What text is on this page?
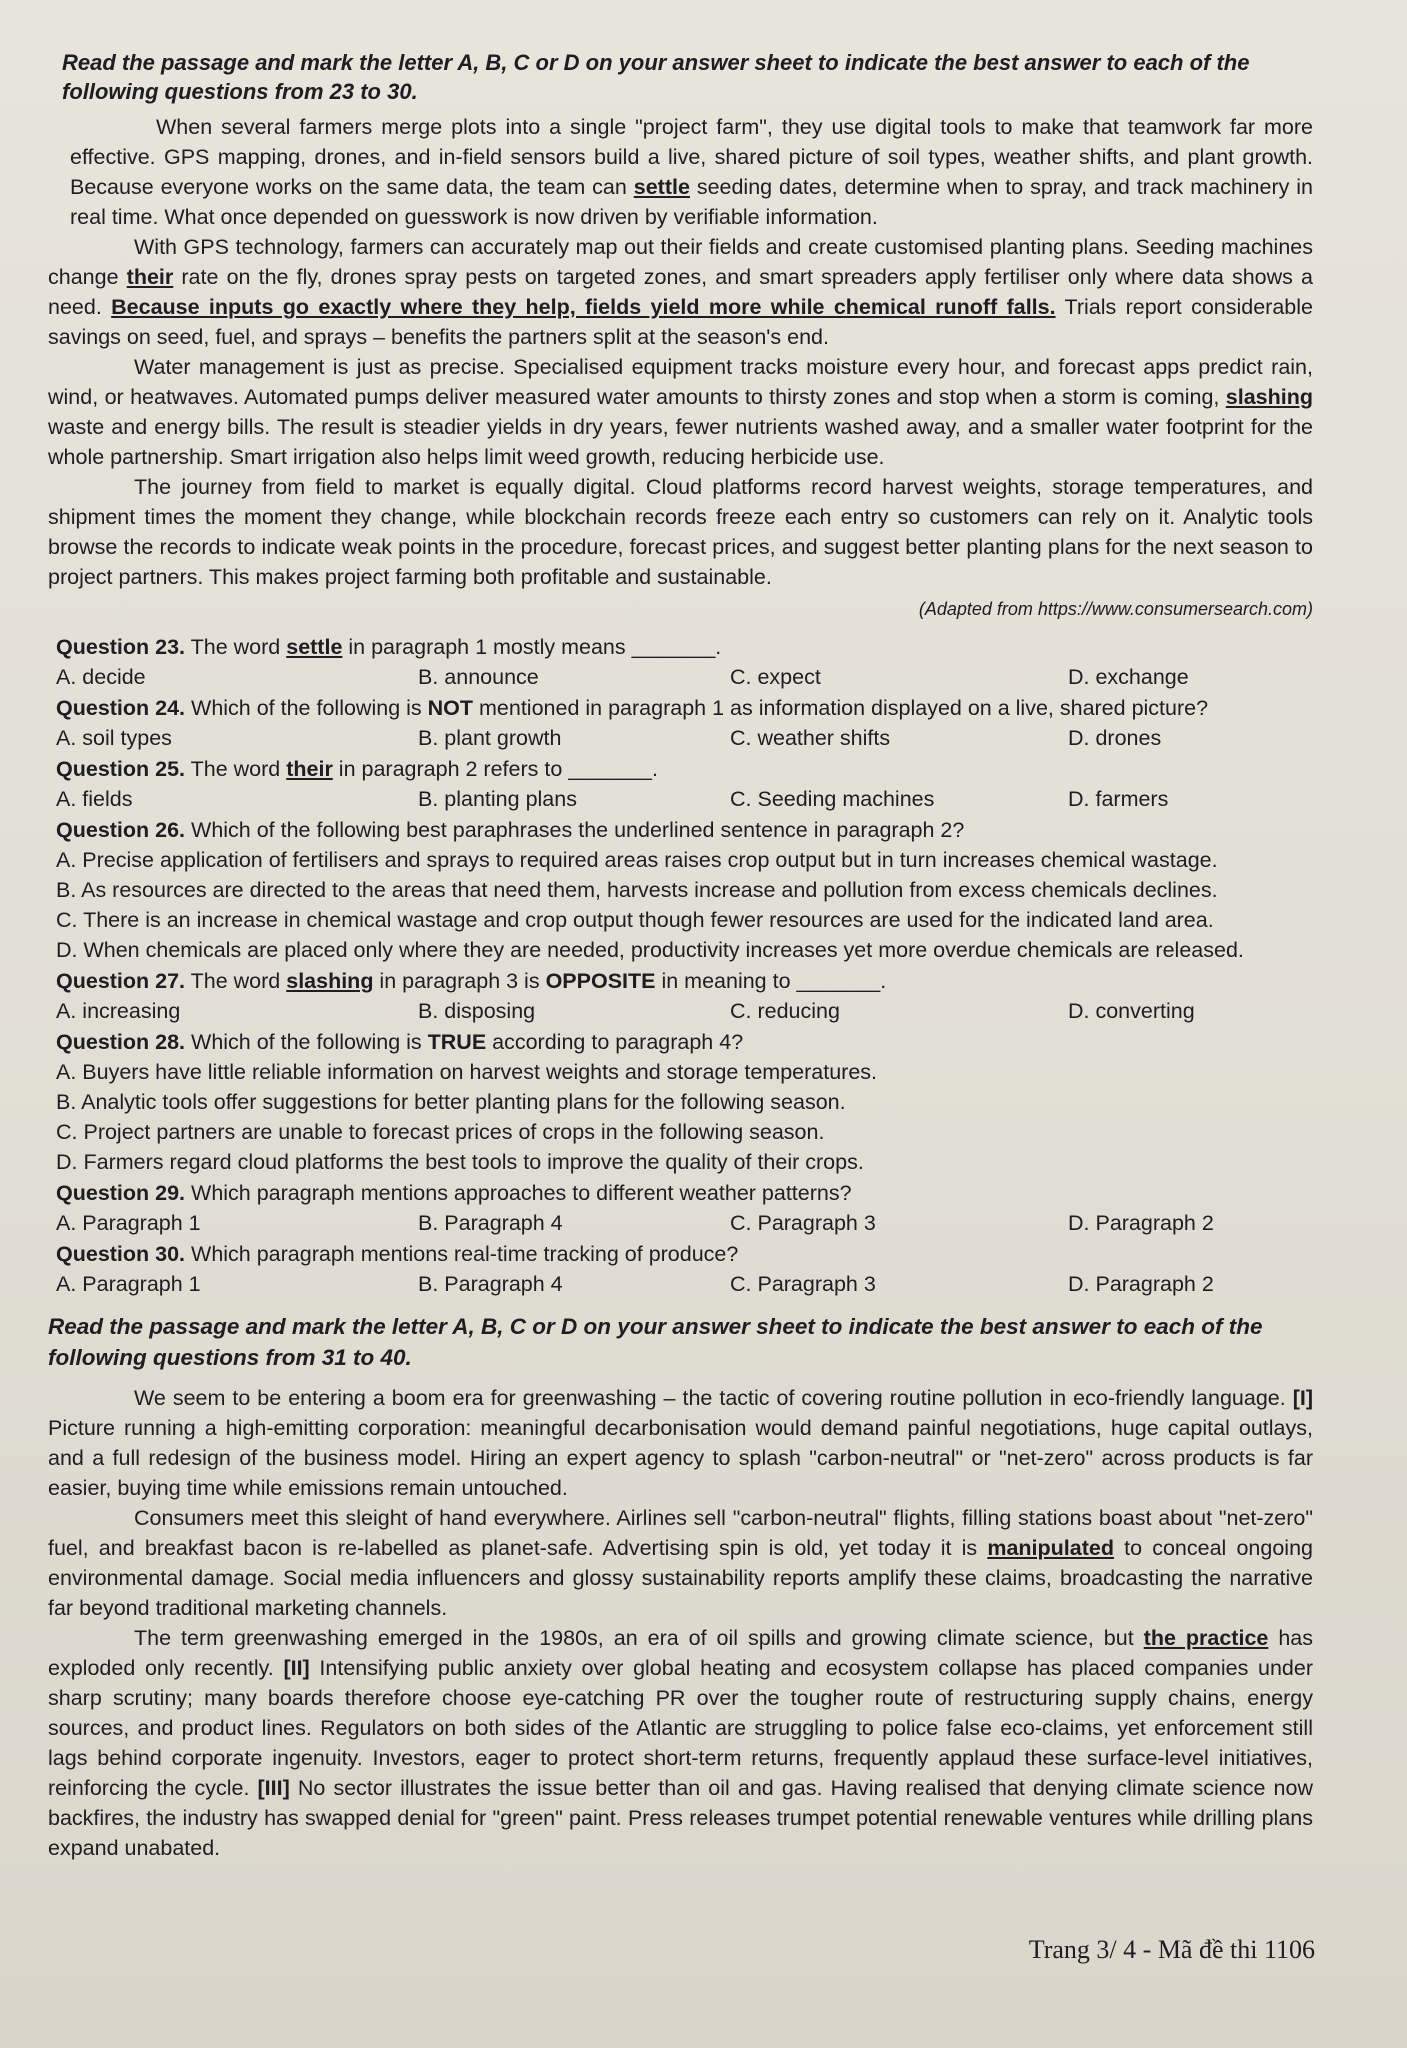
Read the passage and mark the letter A, B, C or D on your answer sheet to indicate the best answer to each of the following questions from 23 to 30.

When several farmers merge plots into a single "project farm", they use digital tools to make that teamwork far more effective. GPS mapping, drones, and in-field sensors build a live, shared picture of soil types, weather shifts, and plant growth. Because everyone works on the same data, the team can settle seeding dates, determine when to spray, and track machinery in real time. What once depended on guesswork is now driven by verifiable information.

With GPS technology, farmers can accurately map out their fields and create customised planting plans. Seeding machines change their rate on the fly, drones spray pests on targeted zones, and smart spreaders apply fertiliser only where data shows a need. Because inputs go exactly where they help, fields yield more while chemical runoff falls. Trials report considerable savings on seed, fuel, and sprays – benefits the partners split at the season's end.

Water management is just as precise. Specialised equipment tracks moisture every hour, and forecast apps predict rain, wind, or heatwaves. Automated pumps deliver measured water amounts to thirsty zones and stop when a storm is coming, slashing waste and energy bills. The result is steadier yields in dry years, fewer nutrients washed away, and a smaller water footprint for the whole partnership. Smart irrigation also helps limit weed growth, reducing herbicide use.

The journey from field to market is equally digital. Cloud platforms record harvest weights, storage temperatures, and shipment times the moment they change, while blockchain records freeze each entry so customers can rely on it. Analytic tools browse the records to indicate weak points in the procedure, forecast prices, and suggest better planting plans for the next season to project partners. This makes project farming both profitable and sustainable.

(Adapted from https://www.consumersearch.com)
Question 23. The word settle in paragraph 1 mostly means _______.
A. decide	B. announce	C. expect	D. exchange
Question 24. Which of the following is NOT mentioned in paragraph 1 as information displayed on a live, shared picture?
A. soil types	B. plant growth	C. weather shifts	D. drones
Question 25. The word their in paragraph 2 refers to _______.
A. fields	B. planting plans	C. Seeding machines	D. farmers
Question 26. Which of the following best paraphrases the underlined sentence in paragraph 2?
A. Precise application of fertilisers and sprays to required areas raises crop output but in turn increases chemical wastage.
B. As resources are directed to the areas that need them, harvests increase and pollution from excess chemicals declines.
C. There is an increase in chemical wastage and crop output though fewer resources are used for the indicated land area.
D. When chemicals are placed only where they are needed, productivity increases yet more overdue chemicals are released.
Question 27. The word slashing in paragraph 3 is OPPOSITE in meaning to _______.
A. increasing	B. disposing	C. reducing	D. converting
Question 28. Which of the following is TRUE according to paragraph 4?
A. Buyers have little reliable information on harvest weights and storage temperatures.
B. Analytic tools offer suggestions for better planting plans for the following season.
C. Project partners are unable to forecast prices of crops in the following season.
D. Farmers regard cloud platforms the best tools to improve the quality of their crops.
Question 29. Which paragraph mentions approaches to different weather patterns?
A. Paragraph 1	B. Paragraph 4	C. Paragraph 3	D. Paragraph 2
Question 30. Which paragraph mentions real-time tracking of produce?
A. Paragraph 1	B. Paragraph 4	C. Paragraph 3	D. Paragraph 2
Read the passage and mark the letter A, B, C or D on your answer sheet to indicate the best answer to each of the following questions from 31 to 40.

We seem to be entering a boom era for greenwashing – the tactic of covering routine pollution in eco-friendly language. [I] Picture running a high-emitting corporation: meaningful decarbonisation would demand painful negotiations, huge capital outlays, and a full redesign of the business model. Hiring an expert agency to splash "carbon-neutral" or "net-zero" across products is far easier, buying time while emissions remain untouched.

Consumers meet this sleight of hand everywhere. Airlines sell "carbon-neutral" flights, filling stations boast about "net-zero" fuel, and breakfast bacon is re-labelled as planet-safe. Advertising spin is old, yet today it is manipulated to conceal ongoing environmental damage. Social media influencers and glossy sustainability reports amplify these claims, broadcasting the narrative far beyond traditional marketing channels.

The term greenwashing emerged in the 1980s, an era of oil spills and growing climate science, but the practice has exploded only recently. [II] Intensifying public anxiety over global heating and ecosystem collapse has placed companies under sharp scrutiny; many boards therefore choose eye-catching PR over the tougher route of restructuring supply chains, energy sources, and product lines. Regulators on both sides of the Atlantic are struggling to police false eco-claims, yet enforcement still lags behind corporate ingenuity. Investors, eager to protect short-term returns, frequently applaud these surface-level initiatives, reinforcing the cycle. [III] No sector illustrates the issue better than oil and gas. Having realised that denying climate science now backfires, the industry has swapped denial for "green" paint. Press releases trumpet potential renewable ventures while drilling plans expand unabated.

Trang 3/ 4 - Mã đề thi 1106
